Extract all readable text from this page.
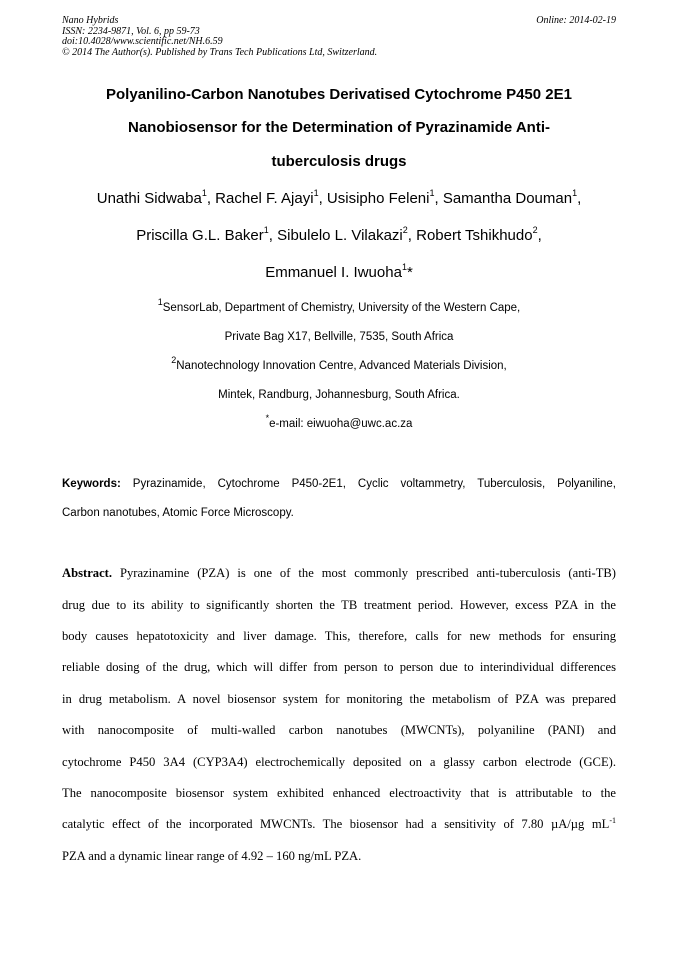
Nano Hybrids
ISSN: 2234-9871, Vol. 6, pp 59-73
doi:10.4028/www.scientific.net/NH.6.59
© 2014 The Author(s). Published by Trans Tech Publications Ltd, Switzerland.
Online: 2014-02-19
Polyanilino-Carbon Nanotubes Derivatised Cytochrome P450 2E1
Nanobiosensor for the Determination of Pyrazinamide Anti-
tuberculosis drugs
Unathi Sidwaba$^1$, Rachel F. Ajayi$^1$, Usisipho Feleni$^1$, Samantha Douman$^1$,
Priscilla G.L. Baker$^1$, Sibulelo L. Vilakazi$^2$, Robert Tshikhudo$^2$,
Emmanuel I. Iwuoha$^1$*
$^1$SensorLab, Department of Chemistry, University of the Western Cape,
Private Bag X17, Bellville, 7535, South Africa
$^2$Nanotechnology Innovation Centre, Advanced Materials Division,
Mintek, Randburg, Johannesburg, South Africa.
*e-mail: eiwuoha@uwc.ac.za
Keywords: Pyrazinamide, Cytochrome P450-2E1, Cyclic voltammetry, Tuberculosis, Polyaniline,
Carbon nanotubes, Atomic Force Microscopy.
Abstract. Pyrazinamine (PZA) is one of the most commonly prescribed anti-tuberculosis (anti-TB)
drug due to its ability to significantly shorten the TB treatment period. However, excess PZA in the
body causes hepatotoxicity and liver damage. This, therefore, calls for new methods for ensuring
reliable dosing of the drug, which will differ from person to person due to interindividual differences
in drug metabolism. A novel biosensor system for monitoring the metabolism of PZA was prepared
with nanocomposite of multi-walled carbon nanotubes (MWCNTs), polyaniline (PANI) and
cytochrome P450 3A4 (CYP3A4) electrochemically deposited on a glassy carbon electrode (GCE).
The nanocomposite biosensor system exhibited enhanced electroactivity that is attributable to the
catalytic effect of the incorporated MWCNTs. The biosensor had a sensitivity of 7.80 µA/µg $mL^{-1}$
PZA and a dynamic linear range of 4.92 – 160 ng/mL PZA.
